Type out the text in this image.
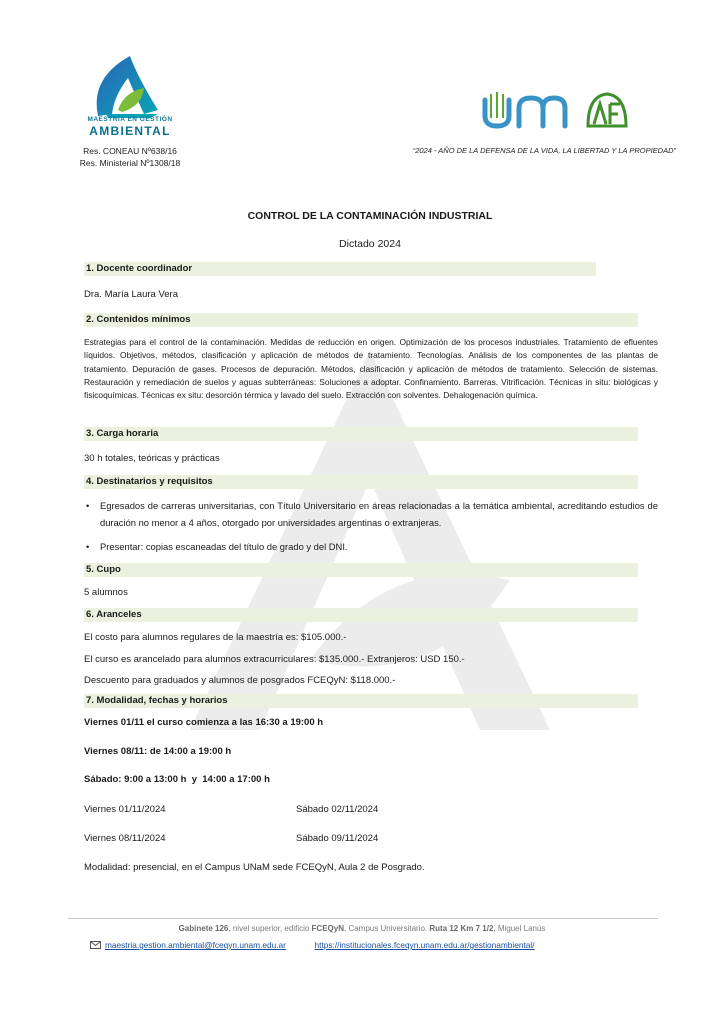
MAESTRÍA EN GESTIÓN
AMBIENTAL
Res. CONEAU Nº638/16
Res. Ministerial Nº1308/18
“2024 - AÑO DE LA DEFENSA DE LA VIDA, LA LIBERTAD Y LA PROPIEDAD”
CONTROL DE LA CONTAMINACIÓN INDUSTRIAL
Dictado 2024
1. Docente coordinador
Dra. María Laura Vera
2. Contenidos mínimos
Estrategias para el control de la contaminación. Medidas de reducción en origen. Optimización de los procesos industriales. Tratamiento de efluentes líquidos. Objetivos, métodos, clasificación y aplicación de métodos de tratamiento. Tecnologías. Análisis de los componentes de las plantas de tratamiento. Depuración de gases. Procesos de depuración. Métodos, clasificación y aplicación de métodos de tratamiento. Selección de sistemas. Restauración y remediación de suelos y aguas subterráneas: Soluciones a adoptar. Confinamiento. Barreras. Vitrificación. Técnicas in situ: biológicas y fisicoquímicas. Técnicas ex situ: desorción térmica y lavado del suelo. Extracción con solventes. Dehalogenación química.
3. Carga horaria
30 h totales, teóricas y prácticas
4. Destinatarios y requisitos
• Egresados de carreras universitarias, con Título Universitario en áreas relacionadas a la temática ambiental, acreditando estudios de duración no menor a 4 años, otorgado por universidades argentinas o extranjeras.
• Presentar: copias escaneadas del título de grado y del DNI.
5. Cupo
5 alumnos
6. Aranceles
El costo para alumnos regulares de la maestría es: $105.000.-
El curso es arancelado para alumnos extracurriculares: $135.000.- Extranjeros: USD 150.-
Descuento para graduados y alumnos de posgrados FCEQyN: $118.000.-
7. Modalidad, fechas y horarios
Viernes 01/11 el curso comienza a las 16:30 a 19:00 h
Viernes 08/11: de 14:00 a 19:00 h
Sábado: 9:00 a 13:00 h  y  14:00 a 17:00 h
Viernes 01/11/2024	Sábado 02/11/2024
Viernes 08/11/2024	Sábado 09/11/2024
Modalidad: presencial, en el Campus UNaM sede FCEQyN, Aula 2 de Posgrado.
Gabinete 126, nivel superior, edificio FCEQyN, Campus Universitario. Ruta 12 Km 7 1/2, Miguel Lanús
maestria.gestion.ambiental@fceqyn.unam.edu.ar	https://institucionales.fceqyn.unam.edu.ar/gestionambiental/
